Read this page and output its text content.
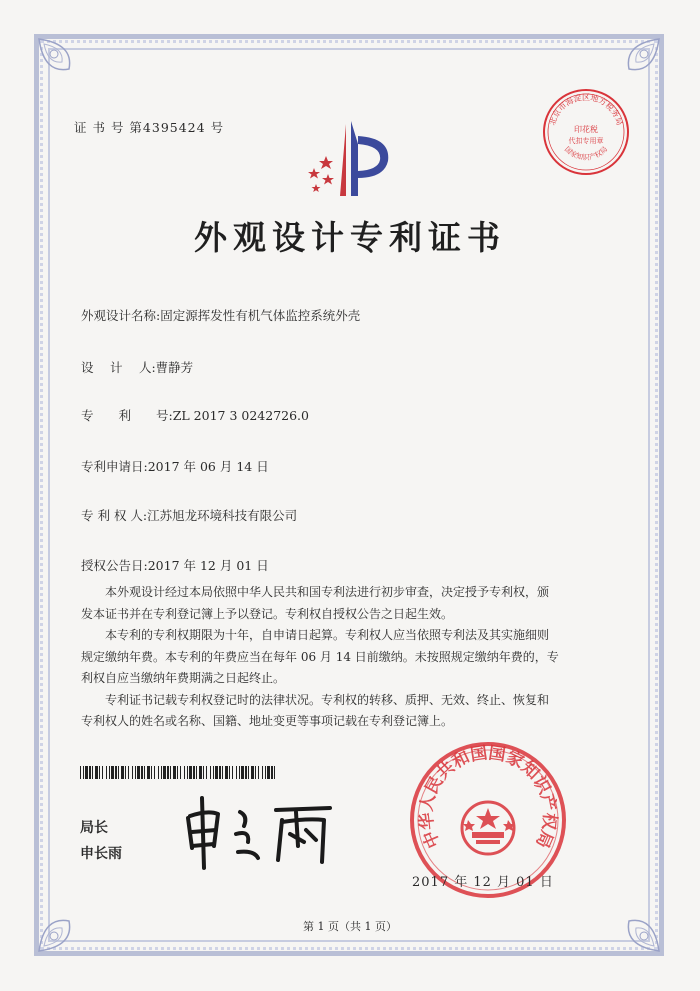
证 书 号 第4395424 号	北京市海淀区地方税务局
印花税
代扣专用章
国家知识产权局
外观设计专利证书
外观设计名称:固定源挥发性有机气体监控系统外壳
设　 计　 人:曹静芳
专　　利　　号:ZL 2017 3 0242726.0
专利申请日:2017 年 06 月 14 日
专 利 权 人:江苏旭龙环境科技有限公司
授权公告日:2017 年 12 月 01 日

本外观设计经过本局依照中华人民共和国专利法进行初步审查，决定授予专利权，颁

发本证书并在专利登记簿上予以登记。专利权自授权公告之日起生效。

本专利的专利权期限为十年，自申请日起算。专利权人应当依照专利法及其实施细则

规定缴纳年费。本专利的年费应当在每年 06 月 14 日前缴纳。未按照规定缴纳年费的，专

利权自应当缴纳年费期满之日起终止。

专利证书记载专利权登记时的法律状况。专利权的转移、质押、无效、终止、恢复和

专利权人的姓名或名称、国籍、地址变更等事项记载在专利登记簿上。

局长
申长雨
中华人民共和国国家知识产权局
2017 年 12 月 01 日
第 1 页（共 1 页）
